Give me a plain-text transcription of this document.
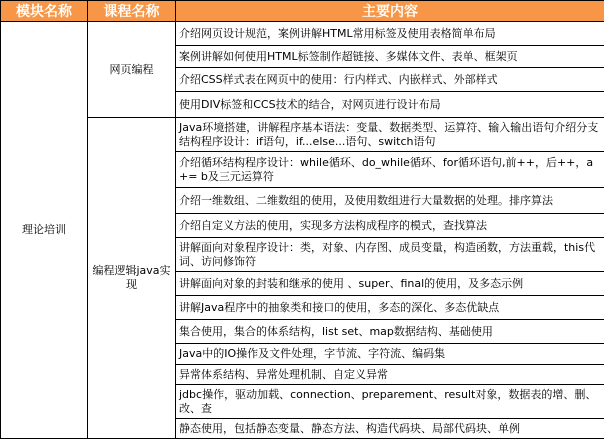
模块名称	课程名称	主要内容
理论培训	网页编程	介绍网页设计规范，案例讲解HTML常用标签及使用表格简单布局
		案例讲解如何使用HTML标签制作超链接、多媒体文件、表单、框架页
		介绍CSS样式表在网页中的使用：行内样式、内嵌样式、外部样式
		使用DIV标签和CCS技术的结合，对网页进行设计布局
	编程逻辑java实现	Java环境搭建，讲解程序基本语法：变量、数据类型、运算符、输入输出语句介绍分支结构程序设计：if语句，if...else...语句、switch语句
		介绍循环结构程序设计：while循环、do_while循环、for循环语句,前++，后++，a += b及三元运算符
		介绍一维数组、二维数组的使用，及使用数组进行大量数据的处理。排序算法
		介绍自定义方法的使用，实现多方法构成程序的模式，查找算法
		讲解面向对象程序设计：类，对象、内存图、成员变量，构造函数，方法重载，this代词、访问修饰符
		讲解面向对象的封装和继承的使用 、super、final的使用，及多态示例
		讲解Java程序中的抽象类和接口的使用，多态的深化、多态优缺点
		集合使用，集合的体系结构，list set、map数据结构、基础使用
		Java中的IO操作及文件处理，字节流、字符流、编码集
		异常体系结构、异常处理机制、自定义异常
		jdbc操作，驱动加载、connection、preparement、result对象，数据表的增、删、改、查
		静态使用，包括静态变量、静态方法、构造代码块、局部代码块、单例
